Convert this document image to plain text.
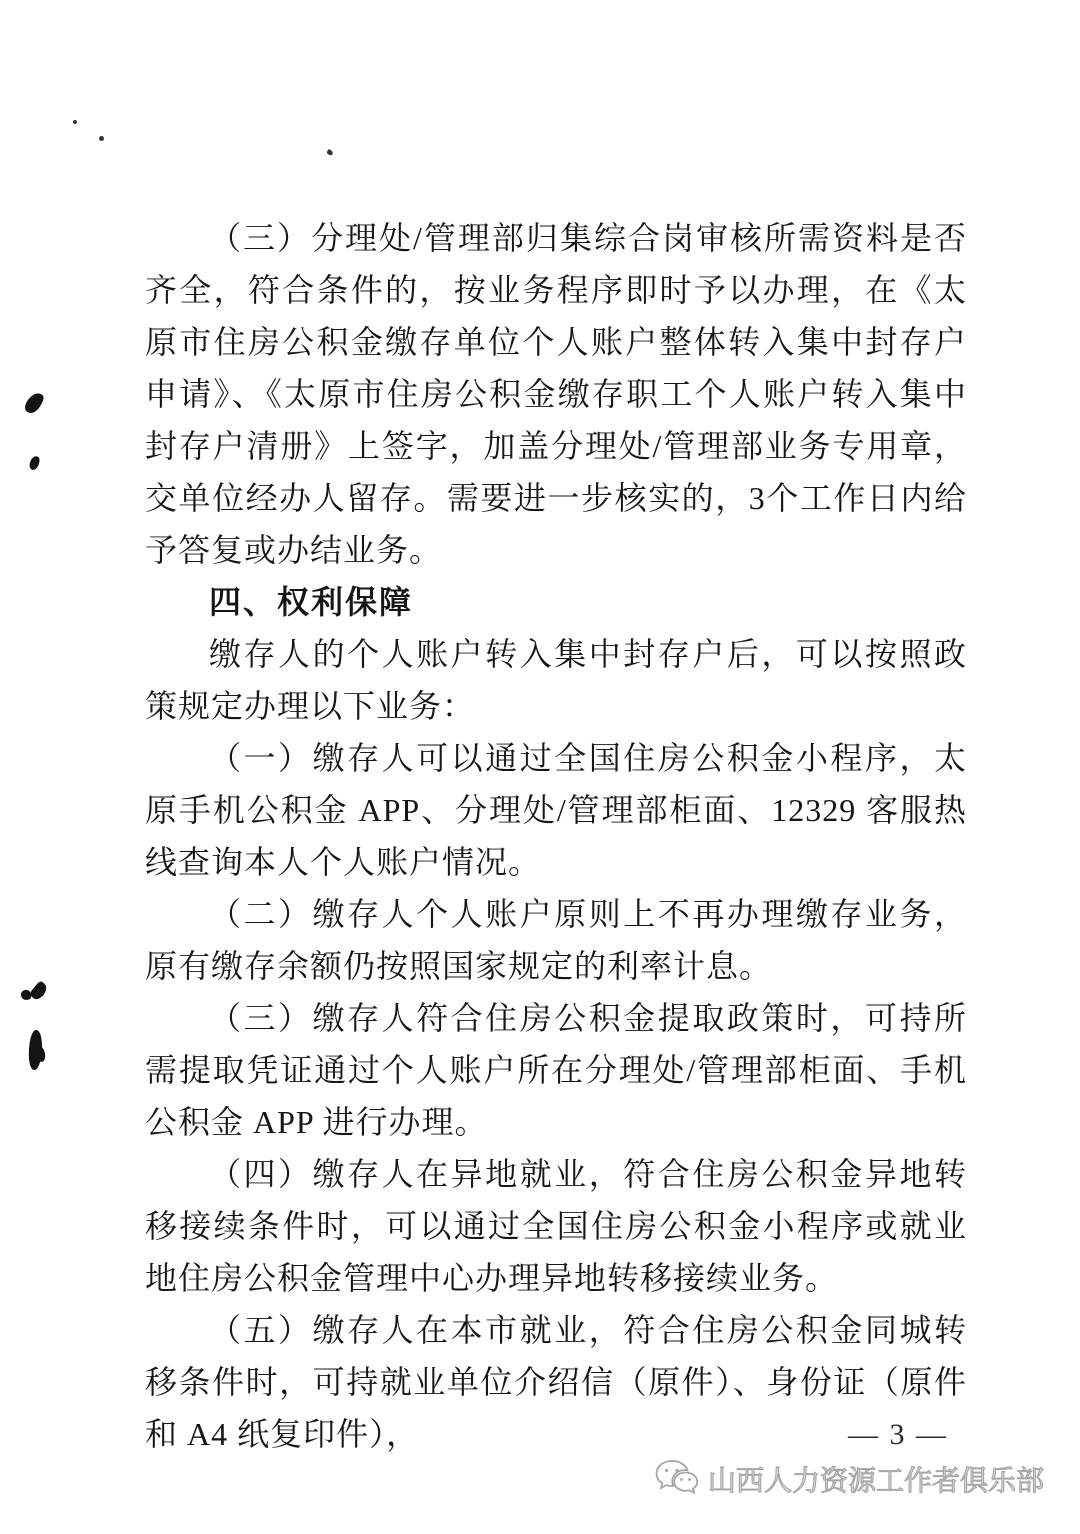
（三）分理处/管理部归集综合岗审核所需资料是否齐全，符合条件的，按业务程序即时予以办理，在《太原市住房公积金缴存单位个人账户整体转入集中封存户申请》、《太原市住房公积金缴存职工个人账户转入集中封存户清册》上签字，加盖分理处/管理部业务专用章，交单位经办人留存。需要进一步核实的，3个工作日内给予答复或办结业务。

四、权利保障

缴存人的个人账户转入集中封存户后，可以按照政策规定办理以下业务：

（一）缴存人可以通过全国住房公积金小程序，太原手机公积金 APP、分理处/管理部柜面、12329 客服热线查询本人个人账户情况。

（二）缴存人个人账户原则上不再办理缴存业务，原有缴存余额仍按照国家规定的利率计息。

（三）缴存人符合住房公积金提取政策时，可持所需提取凭证通过个人账户所在分理处/管理部柜面、手机公积金 APP 进行办理。

（四）缴存人在异地就业，符合住房公积金异地转移接续条件时，可以通过全国住房公积金小程序或就业地住房公积金管理中心办理异地转移接续业务。

（五）缴存人在本市就业，符合住房公积金同城转移条件时，可持就业单位介绍信（原件）、身份证（原件和 A4 纸复印件），	— 3 —
山西人力资源工作者俱乐部
